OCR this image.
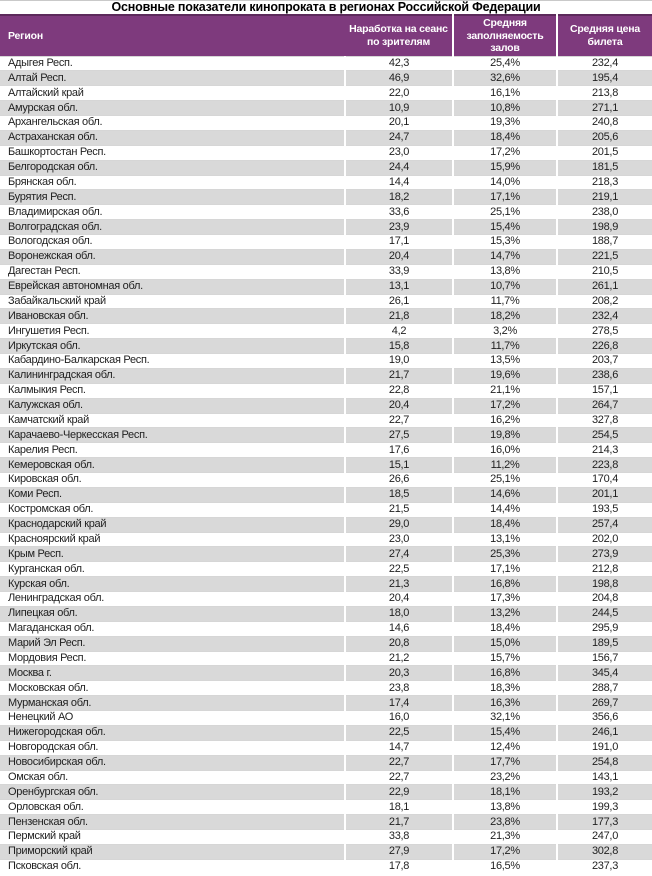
Основные показатели кинопроката в регионах Российской Федерации
Регион	Наработка на сеанс по зрителям	Средняя заполняемость залов	Средняя цена билета
Адыгея Респ.	42,3	25,4%	232,4
Алтай Респ.	46,9	32,6%	195,4
Алтайский край	22,0	16,1%	213,8
Амурская обл.	10,9	10,8%	271,1
Архангельская обл.	20,1	19,3%	240,8
Астраханская обл.	24,7	18,4%	205,6
Башкортостан Респ.	23,0	17,2%	201,5
Белгородская обл.	24,4	15,9%	181,5
Брянская обл.	14,4	14,0%	218,3
Бурятия Респ.	18,2	17,1%	219,1
Владимирская обл.	33,6	25,1%	238,0
Волгоградская обл.	23,9	15,4%	198,9
Вологодская обл.	17,1	15,3%	188,7
Воронежская обл.	20,4	14,7%	221,5
Дагестан Респ.	33,9	13,8%	210,5
Еврейская автономная обл.	13,1	10,7%	261,1
Забайкальский край	26,1	11,7%	208,2
Ивановская обл.	21,8	18,2%	232,4
Ингушетия Респ.	4,2	3,2%	278,5
Иркутская обл.	15,8	11,7%	226,8
Кабардино-Балкарская Респ.	19,0	13,5%	203,7
Калининградская обл.	21,7	19,6%	238,6
Калмыкия Респ.	22,8	21,1%	157,1
Калужская обл.	20,4	17,2%	264,7
Камчатский край	22,7	16,2%	327,8
Карачаево-Черкесская Респ.	27,5	19,8%	254,5
Карелия Респ.	17,6	16,0%	214,3
Кемеровская обл.	15,1	11,2%	223,8
Кировская обл.	26,6	25,1%	170,4
Коми Респ.	18,5	14,6%	201,1
Костромская обл.	21,5	14,4%	193,5
Краснодарский край	29,0	18,4%	257,4
Красноярский край	23,0	13,1%	202,0
Крым Респ.	27,4	25,3%	273,9
Курганская обл.	22,5	17,1%	212,8
Курская обл.	21,3	16,8%	198,8
Ленинградская обл.	20,4	17,3%	204,8
Липецкая обл.	18,0	13,2%	244,5
Магаданская обл.	14,6	18,4%	295,9
Марий Эл Респ.	20,8	15,0%	189,5
Мордовия Респ.	21,2	15,7%	156,7
Москва г.	20,3	16,8%	345,4
Московская обл.	23,8	18,3%	288,7
Мурманская обл.	17,4	16,3%	269,7
Ненецкий АО	16,0	32,1%	356,6
Нижегородская обл.	22,5	15,4%	246,1
Новгородская обл.	14,7	12,4%	191,0
Новосибирская обл.	22,7	17,7%	254,8
Омская обл.	22,7	23,2%	143,1
Оренбургская обл.	22,9	18,1%	193,2
Орловская обл.	18,1	13,8%	199,3
Пензенская обл.	21,7	23,8%	177,3
Пермский край	33,8	21,3%	247,0
Приморский край	27,9	17,2%	302,8
Псковская обл.	17,8	16,5%	237,3
